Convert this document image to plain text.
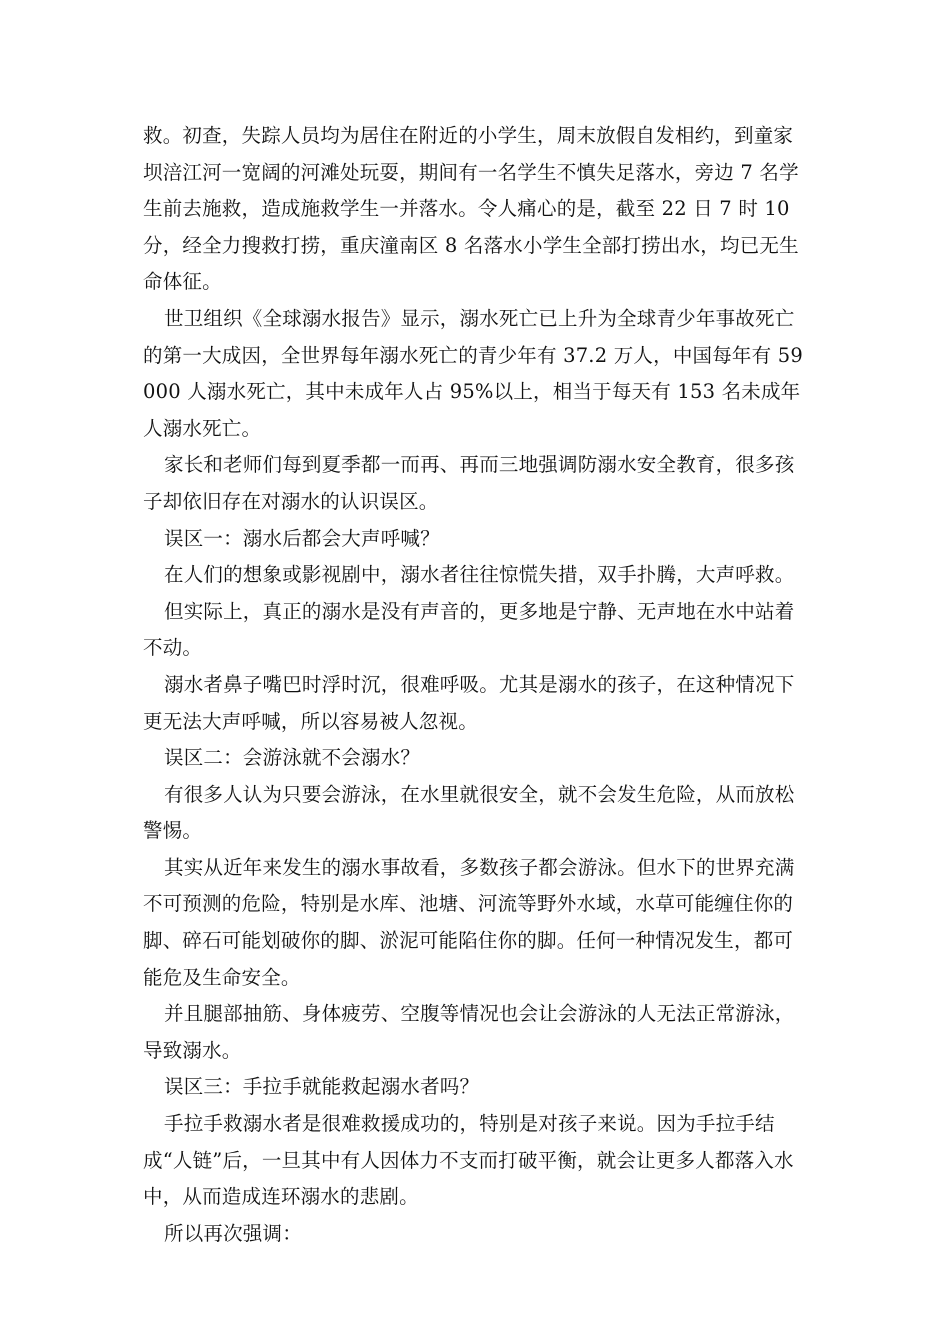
救。初查，失踪人员均为居住在附近的小学生，周末放假自发相约，到童家坝涪江河一宽阔的河滩处玩耍，期间有一名学生不慎失足落水，旁边 7 名学生前去施救，造成施救学生一并落水。令人痛心的是，截至 22 日 7 时 10 分，经全力搜救打捞，重庆潼南区 8 名落水小学生全部打捞出水，均已无生命体征。

世卫组织《全球溺水报告》显示，溺水死亡已上升为全球青少年事故死亡的第一大成因，全世界每年溺水死亡的青少年有 37.2 万人，中国每年有 59000 人溺水死亡，其中未成年人占 95%以上，相当于每天有 153 名未成年人溺水死亡。

家长和老师们每到夏季都一而再、再而三地强调防溺水安全教育，很多孩子却依旧存在对溺水的认识误区。

误区一：溺水后都会大声呼喊？

在人们的想象或影视剧中，溺水者往往惊慌失措，双手扑腾，大声呼救。

但实际上，真正的溺水是没有声音的，更多地是宁静、无声地在水中站着不动。

溺水者鼻子嘴巴时浮时沉，很难呼吸。尤其是溺水的孩子，在这种情况下更无法大声呼喊，所以容易被人忽视。

误区二：会游泳就不会溺水？

有很多人认为只要会游泳，在水里就很安全，就不会发生危险，从而放松警惕。

其实从近年来发生的溺水事故看，多数孩子都会游泳。但水下的世界充满不可预测的危险，特别是水库、池塘、河流等野外水域，水草可能缠住你的脚、碎石可能划破你的脚、淤泥可能陷住你的脚。任何一种情况发生，都可能危及生命安全。

并且腿部抽筋、身体疲劳、空腹等情况也会让会游泳的人无法正常游泳，导致溺水。

误区三：手拉手就能救起溺水者吗？

手拉手救溺水者是很难救援成功的，特别是对孩子来说。因为手拉手结成“人链”后，一旦其中有人因体力不支而打破平衡，就会让更多人都落入水中，从而造成连环溺水的悲剧。

所以再次强调：
